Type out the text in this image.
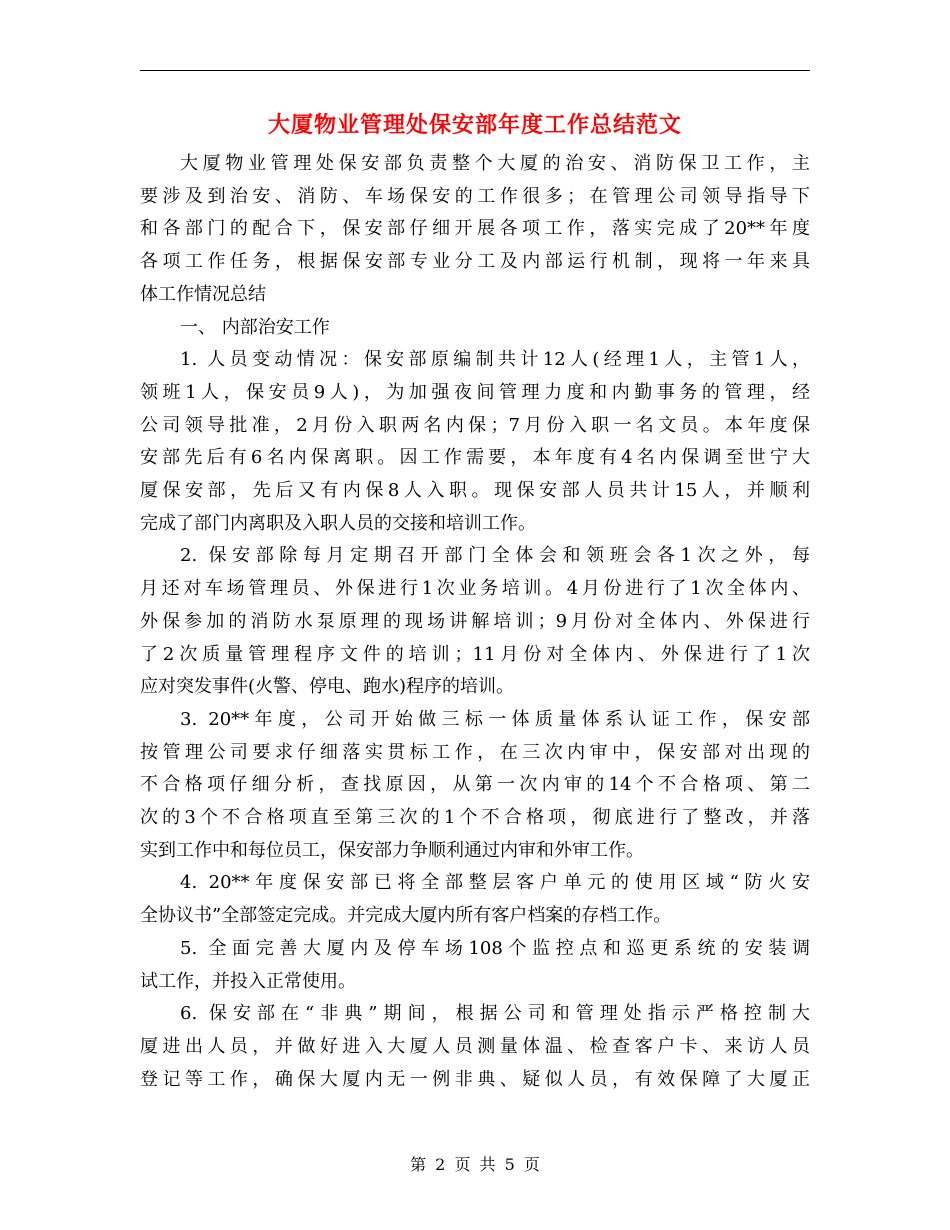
大厦物业管理处保安部年度工作总结范文
大厦物业管理处保安部负责整个大厦的治安、消防保卫工作，主
要涉及到治安、消防、车场保安的工作很多；在管理公司领导指导下
和各部门的配合下，保安部仔细开展各项工作，落实完成了20**年度
各项工作任务，根据保安部专业分工及内部运行机制，现将一年来具
体工作情况总结
一、 内部治安工作
1. 人员变动情况：保安部原编制共计12人(经理1人，主管1人，
领班1人，保安员9人)，为加强夜间管理力度和内勤事务的管理，经
公司领导批准，2月份入职两名内保；7月份入职一名文员。本年度保
安部先后有6名内保离职。因工作需要，本年度有4名内保调至世宁大
厦保安部，先后又有内保8人入职。现保安部人员共计15人，并顺利
完成了部门内离职及入职人员的交接和培训工作。
2. 保安部除每月定期召开部门全体会和领班会各1次之外，每
月还对车场管理员、外保进行1次业务培训。4月份进行了1次全体内、
外保参加的消防水泵原理的现场讲解培训；9月份对全体内、外保进行
了2次质量管理程序文件的培训；11月份对全体内、外保进行了1次
应对突发事件(火警、停电、跑水)程序的培训。
3. 20**年度，公司开始做三标一体质量体系认证工作，保安部
按管理公司要求仔细落实贯标工作，在三次内审中，保安部对出现的
不合格项仔细分析，查找原因，从第一次内审的14个不合格项、第二
次的3个不合格项直至第三次的1个不合格项，彻底进行了整改，并落
实到工作中和每位员工，保安部力争顺利通过内审和外审工作。
4. 20**年度保安部已将全部整层客户单元的使用区域“防火安
全协议书”全部签定完成。并完成大厦内所有客户档案的存档工作。
5. 全面完善大厦内及停车场108个监控点和巡更系统的安装调
试工作，并投入正常使用。
6. 保安部在“非典”期间，根据公司和管理处指示严格控制大
厦进出人员，并做好进入大厦人员测量体温、检查客户卡、来访人员
登记等工作，确保大厦内无一例非典、疑似人员，有效保障了大厦正
第 2 页 共 5 页
